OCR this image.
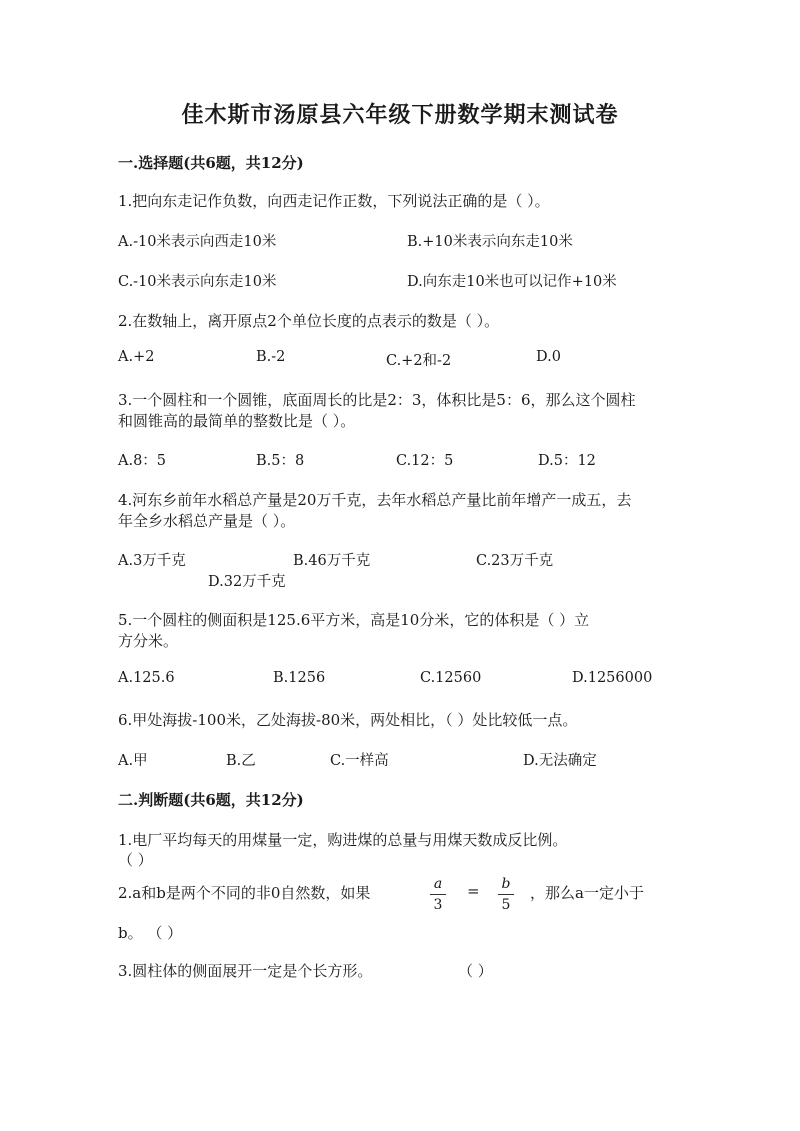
佳木斯市汤原县六年级下册数学期末测试卷
一.选择题(共6题，共12分)
1.把向东走记作负数，向西走记作正数，下列说法正确的是（ ）。
A.-10米表示向西走10米	B.+10米表示向东走10米
C.-10米表示向东走10米	D.向东走10米也可以记作+10米
2.在数轴上，离开原点2个单位长度的点表示的数是（ ）。
A.+2	B.-2	C.+2和-2	D.0
3.一个圆柱和一个圆锥，底面周长的比是2：3，体积比是5：6，那么这个圆柱
和圆锥高的最简单的整数比是（ ）。
A.8：5	B.5：8	C.12：5	D.5：12
4.河东乡前年水稻总产量是20万千克，去年水稻总产量比前年增产一成五，去
年全乡水稻总产量是（ ）。
A.3万千克	B.46万千克	C.23万千克
D.32万千克
5.一个圆柱的侧面积是125.6平方米，高是10分米，它的体积是（ ）立
方分米。
A.125.6	B.1256	C.12560	D.1256000
6.甲处海拔-100米，乙处海拔-80米，两处相比，（ ）处比较低一点。
A.甲	B.乙	C.一样高	D.无法确定
二.判断题(共6题，共12分)
1.电厂平均每天的用煤量一定，购进煤的总量与用煤天数成反比例。
（ ）
2.a和b是两个不同的非0自然数，如果	a
3
= b
5
，那么a一定小于
b。 （ ）
3.圆柱体的侧面展开一定是个长方形。	（ ）
